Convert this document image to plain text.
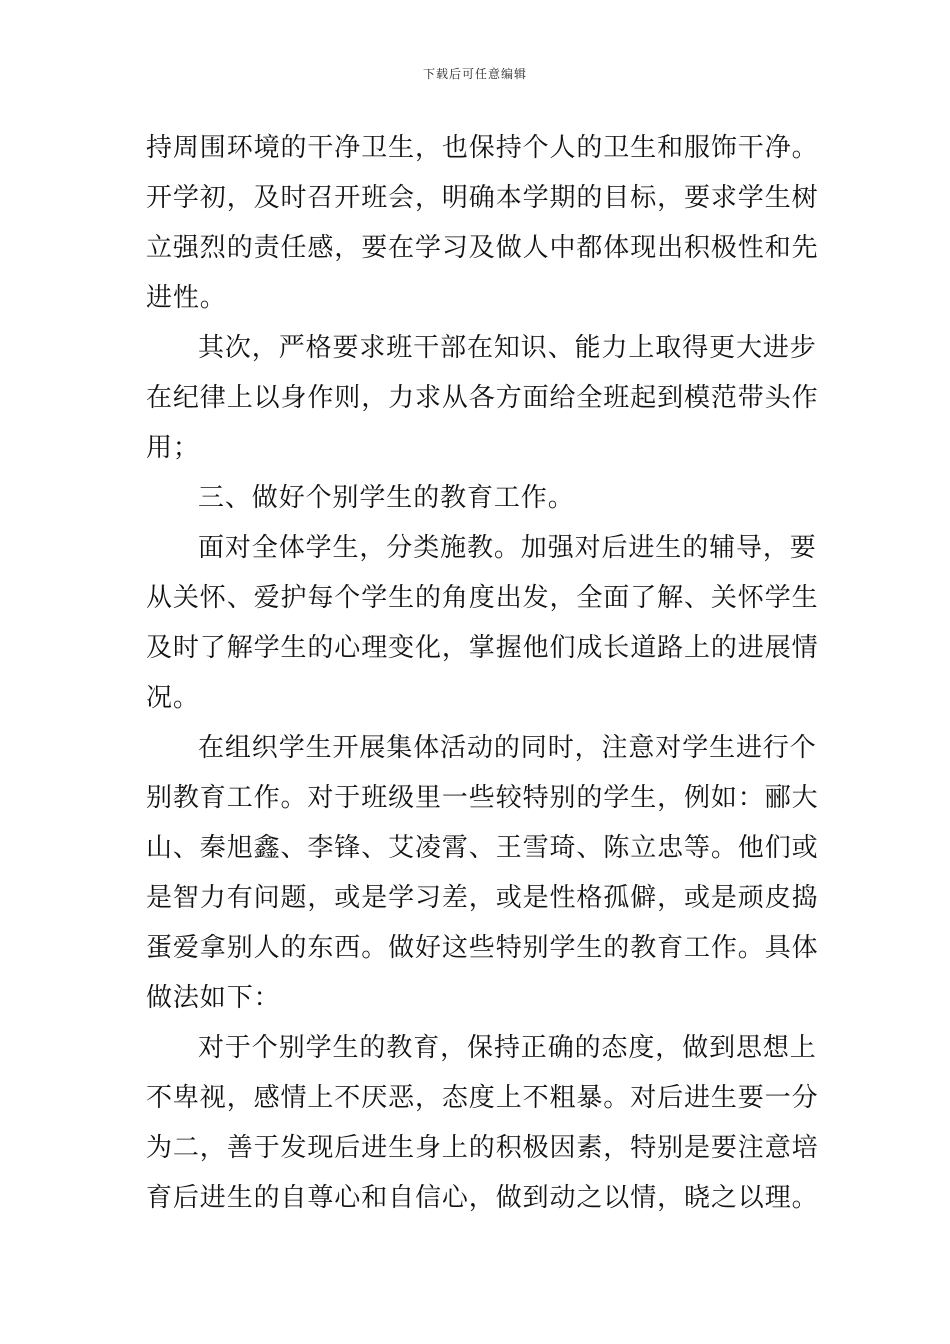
下载后可任意编辑
持周围环境的干净卫生，也保持个人的卫生和服饰干净。
开学初，及时召开班会，明确本学期的目标，要求学生树
立强烈的责任感，要在学习及做人中都体现出积极性和先
进性。
其次，严格要求班干部在知识、能力上取得更大进步
在纪律上以身作则，力求从各方面给全班起到模范带头作
用；
三、做好个别学生的教育工作。
面对全体学生，分类施教。加强对后进生的辅导，要
从关怀、爱护每个学生的角度出发，全面了解、关怀学生
及时了解学生的心理变化，掌握他们成长道路上的进展情
况。
在组织学生开展集体活动的同时，注意对学生进行个
别教育工作。对于班级里一些较特别的学生，例如：郦大
山、秦旭鑫、李锋、艾凌霄、王雪琦、陈立忠等。他们或
是智力有问题，或是学习差，或是性格孤僻，或是顽皮捣
蛋爱拿别人的东西。做好这些特别学生的教育工作。具体
做法如下：
对于个别学生的教育，保持正确的态度，做到思想上
不卑视，感情上不厌恶，态度上不粗暴。对后进生要一分
为二，善于发现后进生身上的积极因素，特别是要注意培
育后进生的自尊心和自信心，做到动之以情，晓之以理。
